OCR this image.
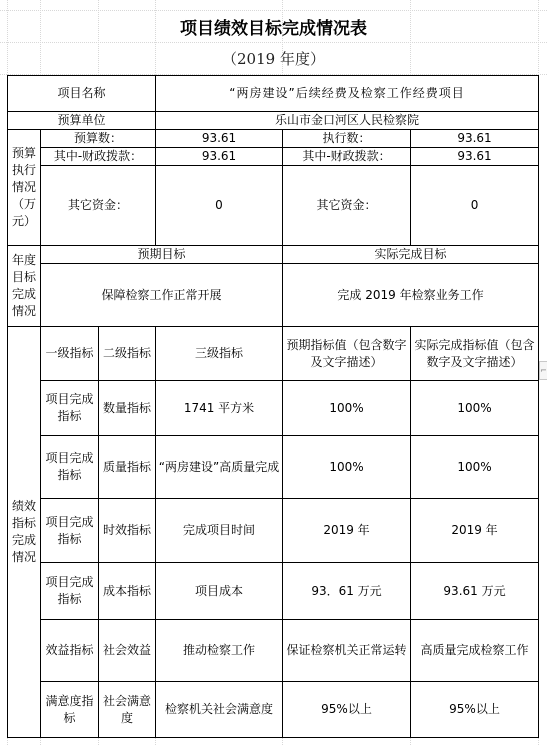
项目绩效目标完成情况表
（2019 年度）
项目名称			“两房建设”后续经费及检察工作经费项目		
预算单位			乐山市金口河区人民检察院		
预算执行情况（万元）	预算数：		93.61	执行数：	93.61
	其中-财政拨款：		93.61	其中-财政拨款：	93.61
	其它资金：		0	其它资金：	0
年度目标完成情况	预期目标			实际完成目标	
	保障检察工作正常开展			完成 2019 年检察业务工作	
绩效指标完成情况	一级指标	二级指标	三级指标	预期指标值（包含数字及文字描述）	实际完成指标值（包含数字及文字描述）
	项目完成指标	数量指标	1741 平方米	100%	100%
	项目完成指标	质量指标	“两房建设”高质量完成	100%	100%
	项目完成指标	时效指标	完成项目时间	2019 年	2019 年
	项目完成指标	成本指标	项目成本	93．61 万元	93.61 万元
	效益指标	社会效益	推动检察工作	保证检察机关正常运转	高质量完成检察工作
	满意度指标	社会满意度	检察机关社会满意度	95%以上	95%以上
⌐
